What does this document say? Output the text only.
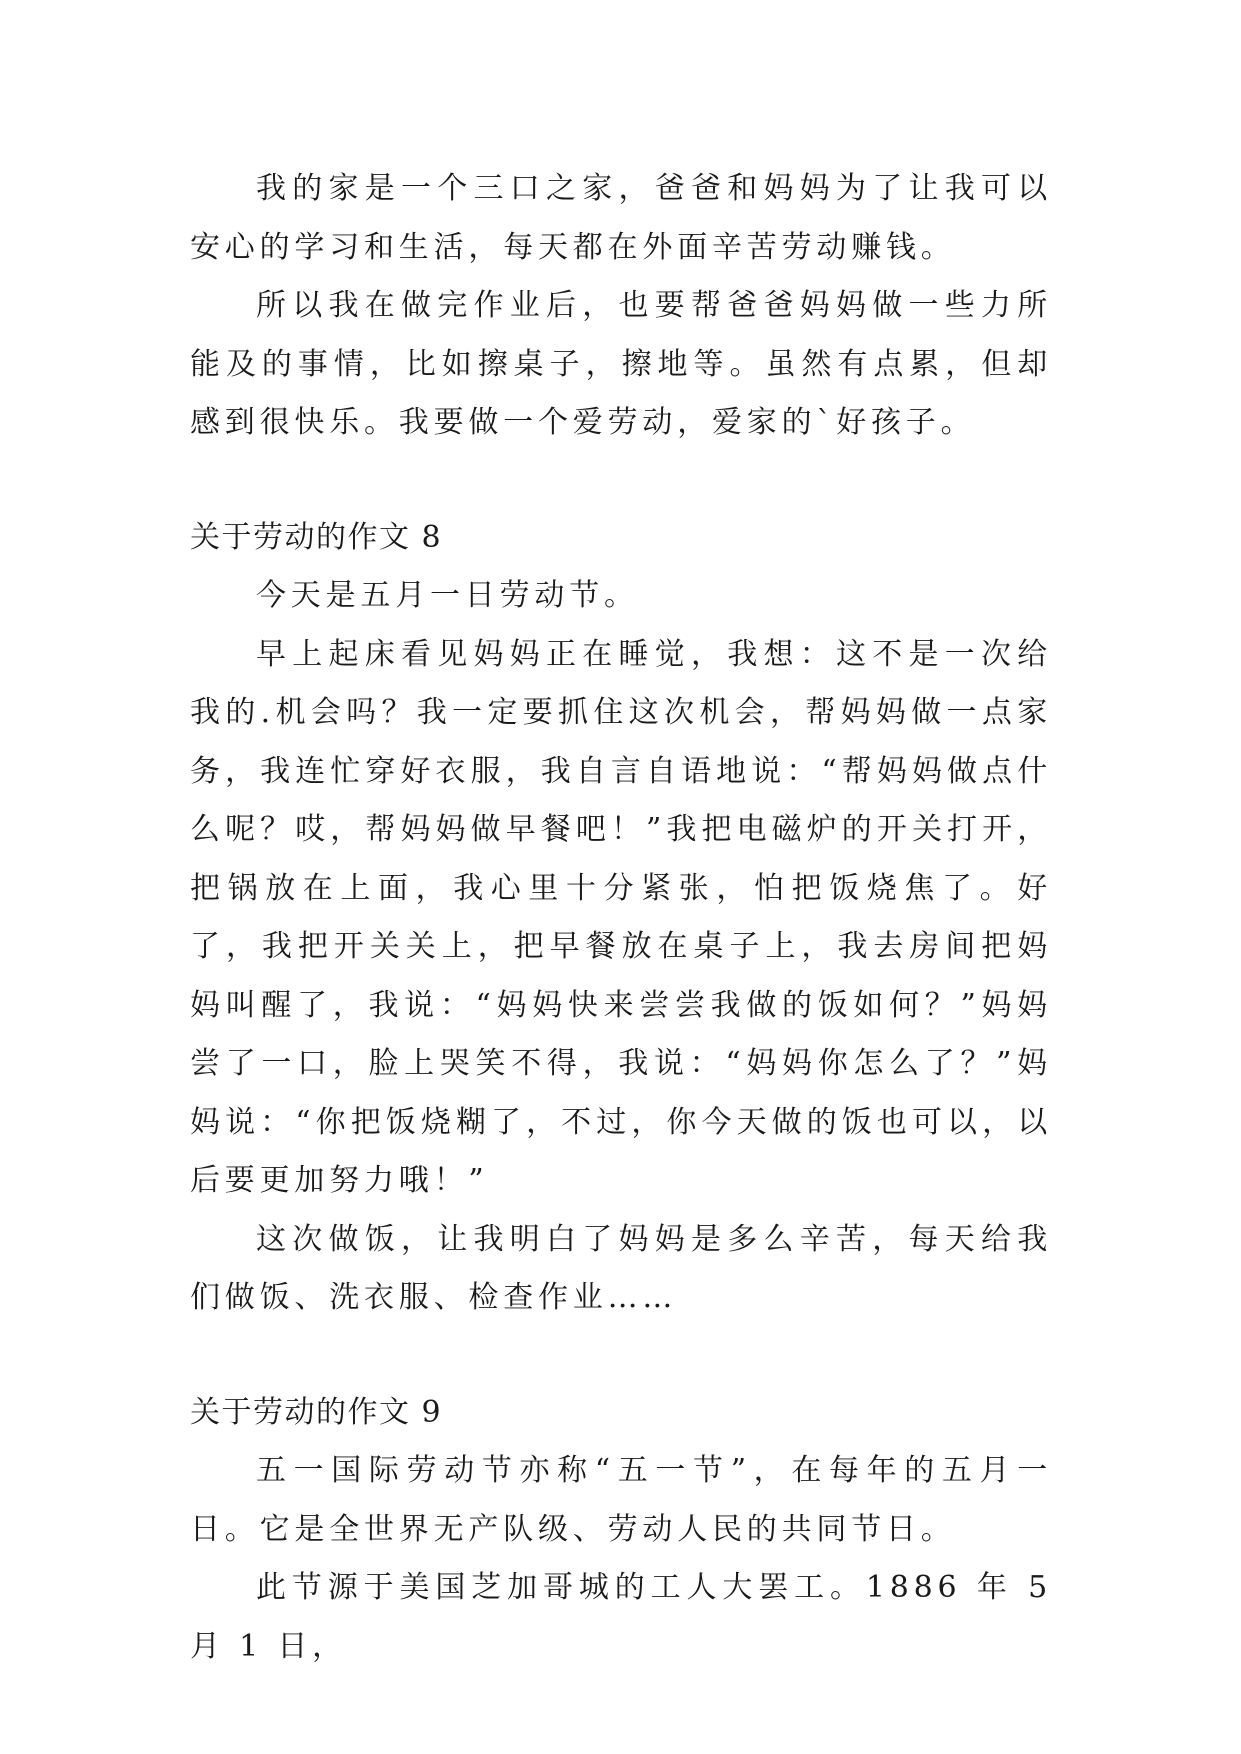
我的家是一个三口之家，爸爸和妈妈为了让我可以安心的学习和生活，每天都在外面辛苦劳动赚钱。

所以我在做完作业后，也要帮爸爸妈妈做一些力所能及的事情，比如擦桌子，擦地等。虽然有点累，但却感到很快乐。我要做一个爱劳动，爱家的`好孩子。

关于劳动的作文 8

今天是五月一日劳动节。

早上起床看见妈妈正在睡觉，我想：这不是一次给我的.机会吗？我一定要抓住这次机会，帮妈妈做一点家务，我连忙穿好衣服，我自言自语地说：“帮妈妈做点什么呢？哎，帮妈妈做早餐吧！”我把电磁炉的开关打开，把锅放在上面，我心里十分紧张，怕把饭烧焦了。好了，我把开关关上，把早餐放在桌子上，我去房间把妈妈叫醒了，我说：“妈妈快来尝尝我做的饭如何？”妈妈尝了一口，脸上哭笑不得，我说：“妈妈你怎么了？”妈妈说：“你把饭烧糊了，不过，你今天做的饭也可以，以后要更加努力哦！”

这次做饭，让我明白了妈妈是多么辛苦，每天给我们做饭、洗衣服、检查作业……

关于劳动的作文 9

五一国际劳动节亦称“五一节”，在每年的五月一日。它是全世界无产队级、劳动人民的共同节日。

此节源于美国芝加哥城的工人大罢工。1886 年 5 月 1 日，
